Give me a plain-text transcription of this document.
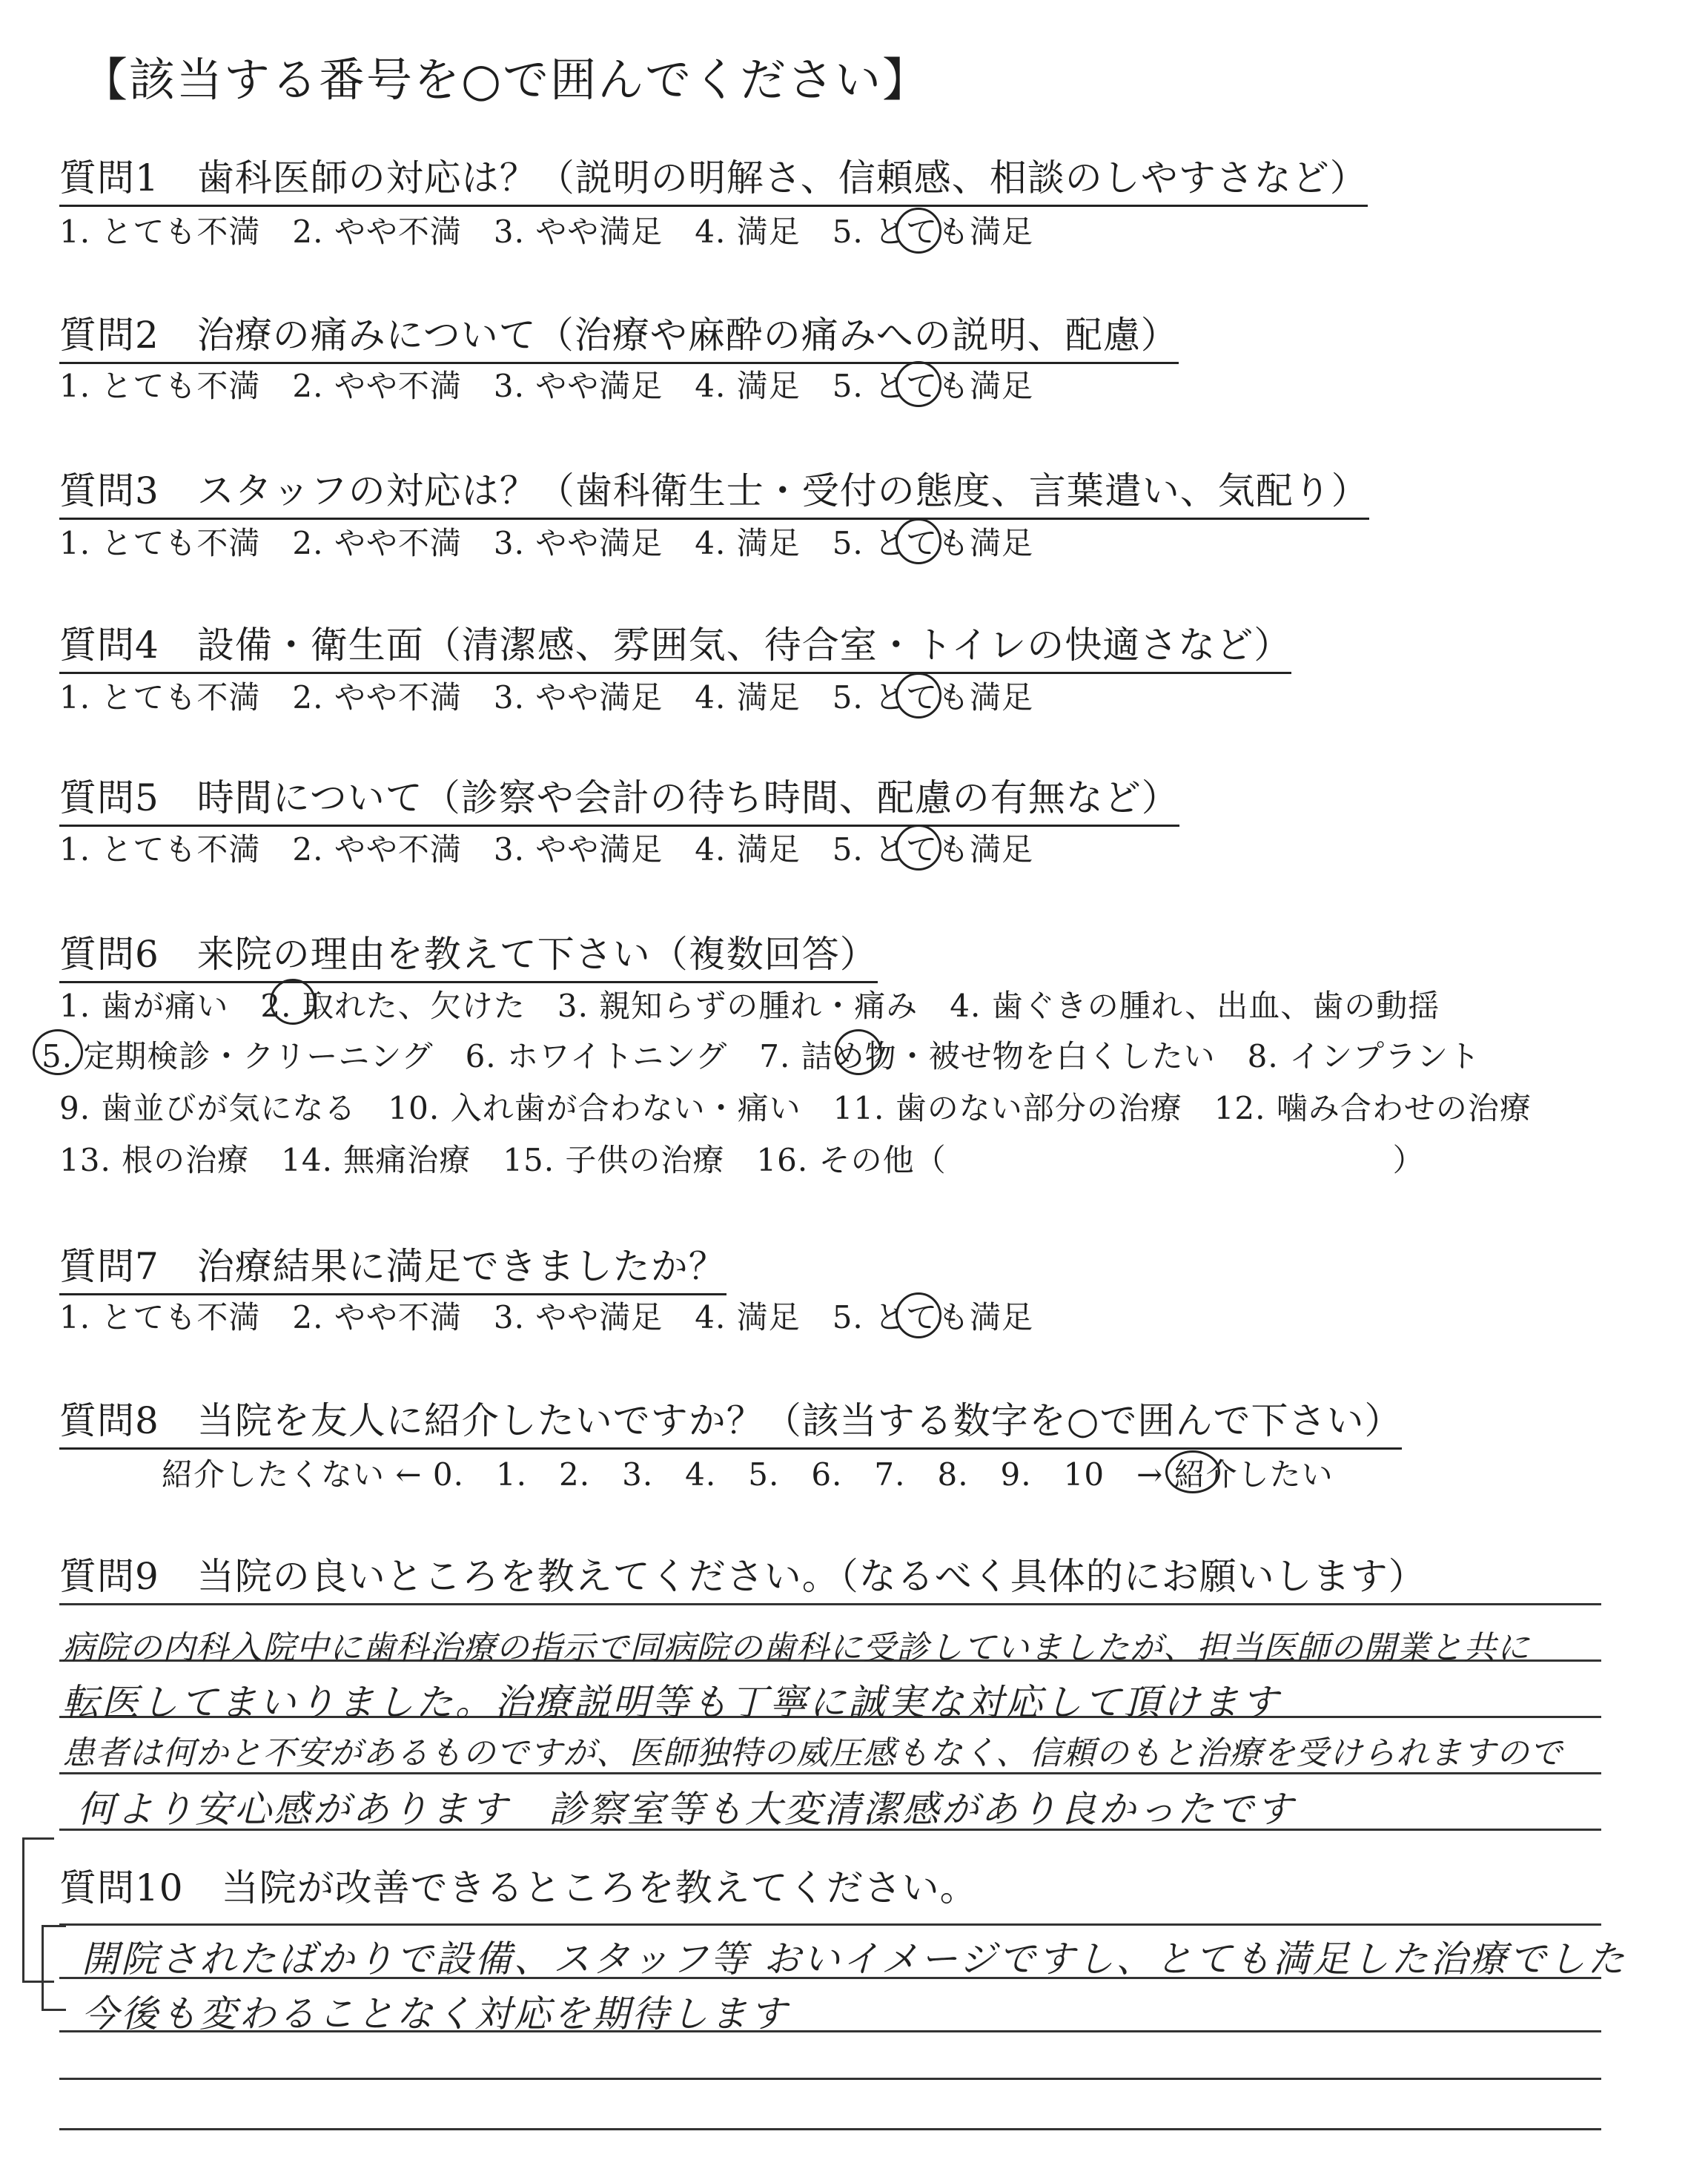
【該当する番号を○で囲んでください】
質問1　歯科医師の対応は？（説明の明解さ、信頼感、相談のしやすさなど）
1. とても不満　2. やや不満　3. やや満足　4. 満足　5. とても満足
質問2　治療の痛みについて（治療や麻酔の痛みへの説明、配慮）
1. とても不満　2. やや不満　3. やや満足　4. 満足　5. とても満足
質問3　スタッフの対応は？（歯科衛生士・受付の態度、言葉遣い、気配り）
1. とても不満　2. やや不満　3. やや満足　4. 満足　5. とても満足
質問4　設備・衛生面（清潔感、雰囲気、待合室・トイレの快適さなど）
1. とても不満　2. やや不満　3. やや満足　4. 満足　5. とても満足
質問5　時間について（診察や会計の待ち時間、配慮の有無など）
1. とても不満　2. やや不満　3. やや満足　4. 満足　5. とても満足
質問6　来院の理由を教えて下さい（複数回答）
1. 歯が痛い　2. 取れた、欠けた　3. 親知らずの腫れ・痛み　4. 歯ぐきの腫れ、出血、歯の動揺
5. 定期検診・クリーニング　6. ホワイトニング　7. 詰め物・被せ物を白くしたい　8. インプラント
9. 歯並びが気になる　10. 入れ歯が合わない・痛い　11. 歯のない部分の治療　12. 噛み合わせの治療
13. 根の治療　14. 無痛治療　15. 子供の治療　16. その他（　　　　　　　　　　　　　　）
質問7　治療結果に満足できましたか？
1. とても不満　2. やや不満　3. やや満足　4. 満足　5. とても満足
質問8　当院を友人に紹介したいですか？（該当する数字を○で囲んで下さい）
紹介したくない ← 0.　1.　2.　3.　4.　5.　6.　7.　8.　9.　10　→ 紹介したい
質問9　当院の良いところを教えてください。（なるべく具体的にお願いします）
病院の内科入院中に歯科治療の指示で同病院の歯科に受診していましたが、担当医師の開業と共に
転医してまいりました。治療説明等も丁寧に誠実な対応して頂けます
患者は何かと不安があるものですが、医師独特の威圧感もなく、信頼のもと治療を受けられますので
何より安心感があります　診察室等も大変清潔感があり良かったです
質問10　当院が改善できるところを教えてください。
開院されたばかりで設備、スタッフ等 おいイメージですし、とても満足した治療でした
今後も変わることなく対応を期待します
